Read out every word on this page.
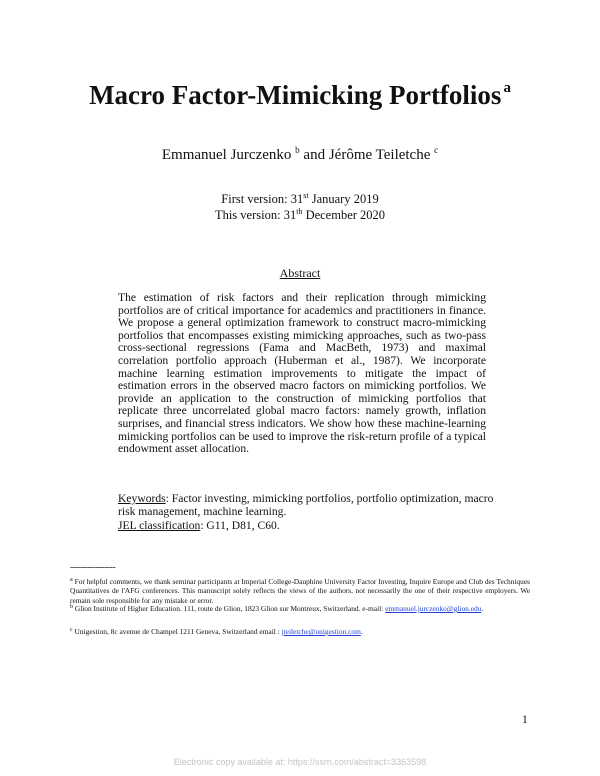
Macro Factor-Mimicking Portfolios $^a$
Emmanuel Jurczenko $^b$ and Jérôme Teiletche $^c$
First version: 31st January 2019
This version: 31th December 2020
Abstract

The estimation of risk factors and their replication through mimicking portfolios are of critical importance for academics and practitioners in finance. We propose a general optimization framework to construct macro-mimicking portfolios that encompasses existing mimicking approaches, such as two-pass cross-sectional regressions (Fama and MacBeth, 1973) and maximal correlation portfolio approach (Huberman et al., 1987). We incorporate machine learning estimation improvements to mitigate the impact of estimation errors in the observed macro factors on mimicking portfolios. We provide an application to the construction of mimicking portfolios that replicate three uncorrelated global macro factors: namely growth, inflation surprises, and financial stress indicators. We show how these machine-learning mimicking portfolios can be used to improve the risk-return profile of a typical endowment asset allocation.

Keywords: Factor investing, mimicking portfolios, portfolio optimization, macro risk management, machine learning.
JEL classification: G11, D81, C60.
----------------
$^a$ For helpful comments, we thank seminar participants at Imperial College-Dauphine University Factor Investing, Inquire Europe and Club des Techniques Quantitatives de l'AFG conferences. This manuscript solely reflects the views of the authors, not necessarily the one of their respective employers. We remain sole responsible for any mistake or error.
$^b$ Glion Institute of Higher Education. 111, route de Glion, 1823 Glion sur Montreux, Switzerland. e-mail: emmanuel.jurczenko@glion.edu.
$^c$ Unigestion, 8c avenue de Champel 1211 Geneva, Switzerland email : jteiletche@unigestion.com.
1
Electronic copy available at: https://ssrn.com/abstract=3363598
